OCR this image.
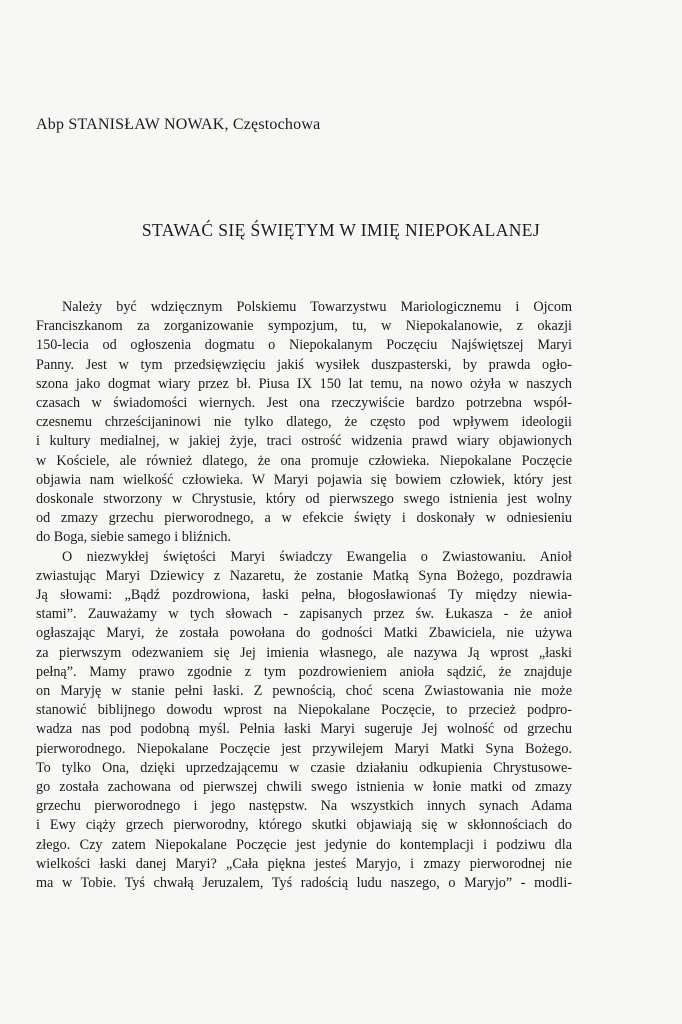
Abp STANISŁAW NOWAK, Częstochowa
STAWAĆ SIĘ ŚWIĘTYM W IMIĘ NIEPOKALANEJ
Należy być wdzięcznym Polskiemu Towarzystwu Mariologicznemu i Ojcom
Franciszkanom za zorganizowanie sympozjum, tu, w Niepokalanowie, z okazji
150-lecia od ogłoszenia dogmatu o Niepokalanym Poczęciu Najświętszej Maryi
Panny. Jest w tym przedsięwzięciu jakiś wysiłek duszpasterski, by prawda ogło-
szona jako dogmat wiary przez bł. Piusa IX 150 lat temu, na nowo ożyła w naszych
czasach w świadomości wiernych. Jest ona rzeczywiście bardzo potrzebna współ-
czesnemu chrześcijaninowi nie tylko dlatego, że często pod wpływem ideologii
i kultury medialnej, w jakiej żyje, traci ostrość widzenia prawd wiary objawionych
w Kościele, ale również dlatego, że ona promuje człowieka. Niepokalane Poczęcie
objawia nam wielkość człowieka. W Maryi pojawia się bowiem człowiek, który jest
doskonale stworzony w Chrystusie, który od pierwszego swego istnienia jest wolny
od zmazy grzechu pierworodnego, a w efekcie święty i doskonały w odniesieniu
do Boga, siebie samego i bliźnich.
O niezwykłej świętości Maryi świadczy Ewangelia o Zwiastowaniu. Anioł
zwiastując Maryi Dziewicy z Nazaretu, że zostanie Matką Syna Bożego, pozdrawia
Ją słowami: „Bądź pozdrowiona, łaski pełna, błogosławionaś Ty między niewia-
stami”. Zauważamy w tych słowach - zapisanych przez św. Łukasza - że anioł
ogłaszając Maryi, że została powołana do godności Matki Zbawiciela, nie używa
za pierwszym odezwaniem się Jej imienia własnego, ale nazywa Ją wprost „łaski
pełną”. Mamy prawo zgodnie z tym pozdrowieniem anioła sądzić, że znajduje
on Maryję w stanie pełni łaski. Z pewnością, choć scena Zwiastowania nie może
stanowić biblijnego dowodu wprost na Niepokalane Poczęcie, to przecież podpro-
wadza nas pod podobną myśl. Pełnia łaski Maryi sugeruje Jej wolność od grzechu
pierworodnego. Niepokalane Poczęcie jest przywilejem Maryi Matki Syna Bożego.
To tylko Ona, dzięki uprzedzającemu w czasie działaniu odkupienia Chrystusowe-
go została zachowana od pierwszej chwili swego istnienia w łonie matki od zmazy
grzechu pierworodnego i jego następstw. Na wszystkich innych synach Adama
i Ewy ciąży grzech pierworodny, którego skutki objawiają się w skłonnościach do
złego. Czy zatem Niepokalane Poczęcie jest jedynie do kontemplacji i podziwu dla
wielkości łaski danej Maryi? „Cała piękna jesteś Maryjo, i zmazy pierworodnej nie
ma w Tobie. Tyś chwałą Jeruzalem, Tyś radością ludu naszego, o Maryjo” - modli-
